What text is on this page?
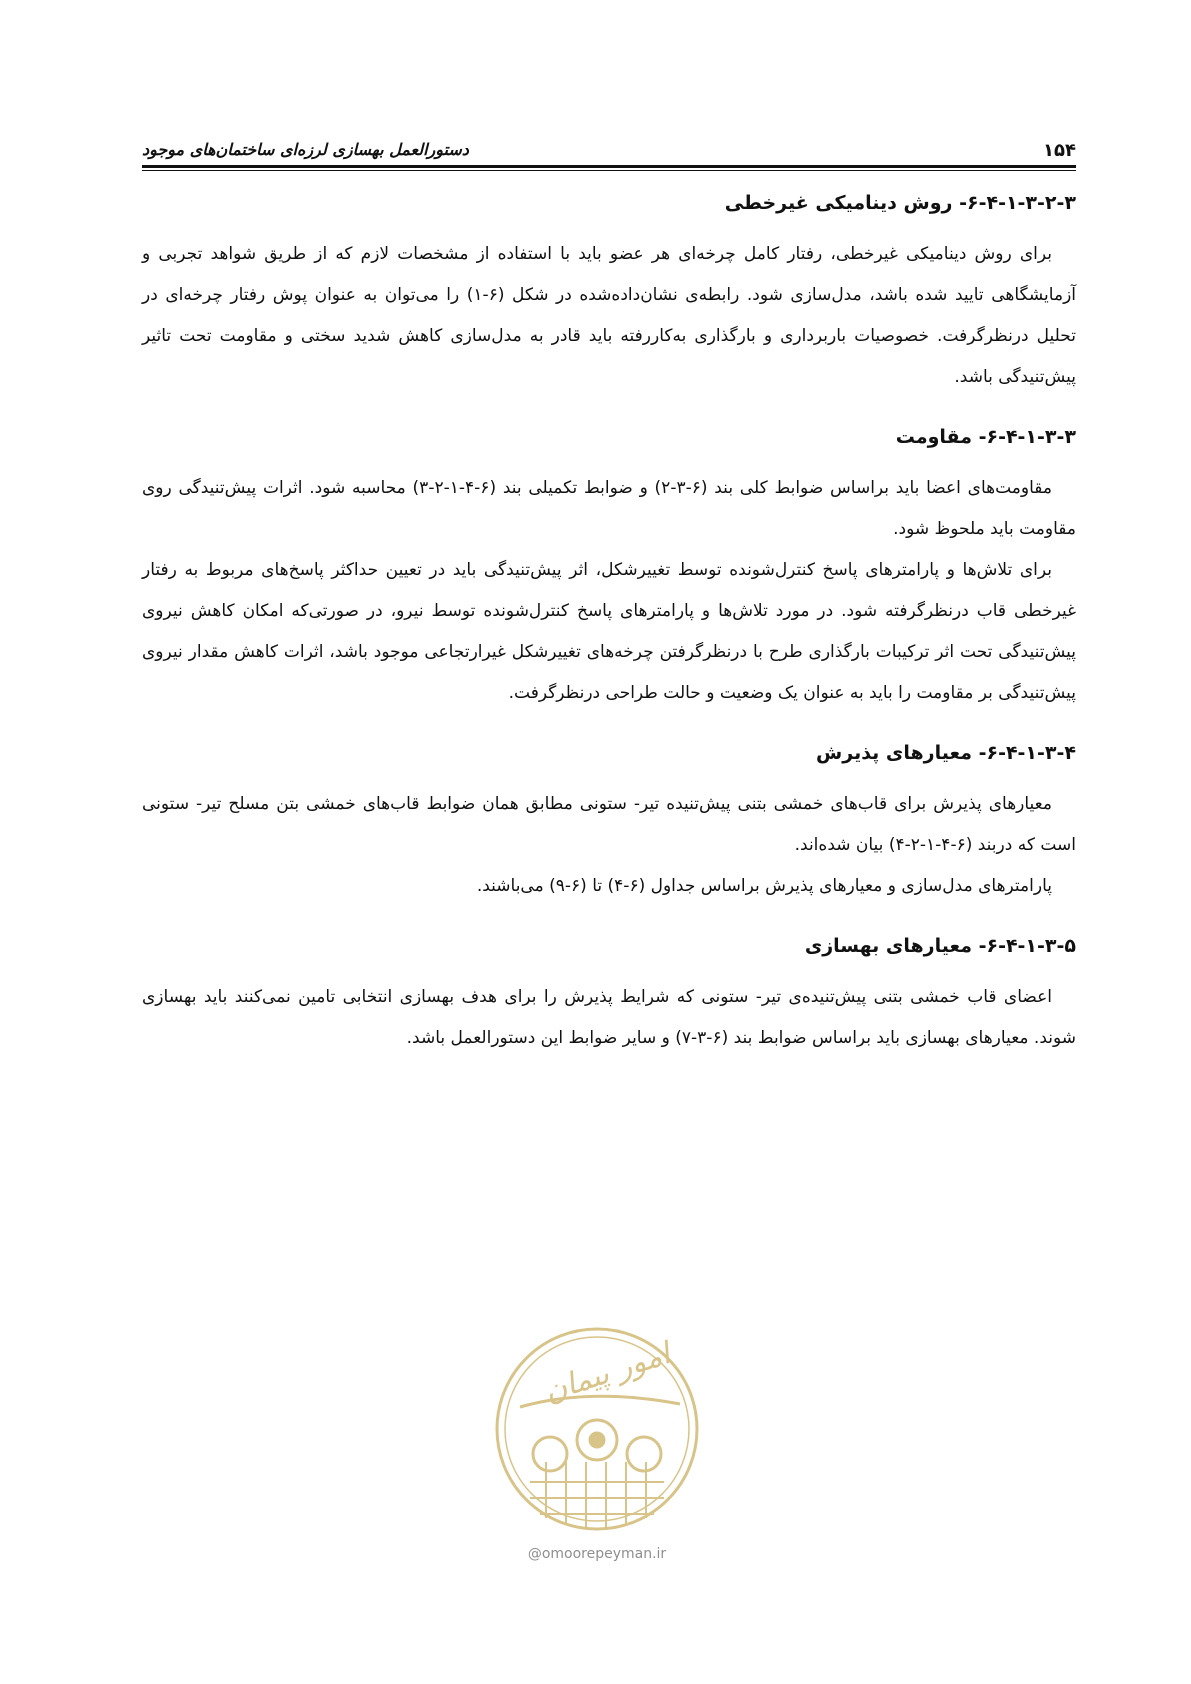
۱۵۴
دستورالعمل بهسازی لرزه‌ای ساختمان‌های موجود
۶-۴-۱-۳-۲-۳- روش دینامیکی غیرخطی

برای روش دینامیکی غیرخطی، رفتار کامل چرخه‌ای هر عضو باید با استفاده از مشخصات لازم که از طریق شواهد تجربی و آزمایشگاهی تایید شده باشد، مدل‌سازی شود. رابطه‌ی نشان‌داده‌شده در شکل (۶-۱) را می‌توان به عنوان پوش رفتار چرخه‌ای در تحلیل درنظرگرفت. خصوصیات باربرداری و بارگذاری به‌کاررفته باید قادر به مدل‌سازی کاهش شدید سختی و مقاومت تحت تاثیر پیش‌تنیدگی باشد.

۶-۴-۱-۳-۳- مقاومت

مقاومت‌های اعضا باید براساس ضوابط کلی بند (۶-۳-۲) و ضوابط تکمیلی بند (۶-۴-۱-۲-۳) محاسبه شود. اثرات پیش‌تنیدگی روی مقاومت باید ملحوظ شود.

برای تلاش‌ها و پارامترهای پاسخ کنترل‌شونده توسط تغییرشکل، اثر پیش‌تنیدگی باید در تعیین حداکثر پاسخ‌های مربوط به رفتار غیرخطی قاب درنظرگرفته شود. در مورد تلاش‌ها و پارامترهای پاسخ کنترل‌شونده توسط نیرو، در صورتی‌که امکان کاهش نیروی پیش‌تنیدگی تحت اثر ترکیبات بارگذاری طرح با درنظرگرفتن چرخه‌های تغییرشکل غیرارتجاعی موجود باشد، اثرات کاهش مقدار نیروی پیش‌تنیدگی بر مقاومت را باید به عنوان یک وضعیت و حالت طراحی درنظرگرفت.

۶-۴-۱-۳-۴- معیارهای پذیرش

معیارهای پذیرش برای قاب‌های خمشی بتنی پیش‌تنیده تیر- ستونی مطابق همان ضوابط قاب‌های خمشی بتن مسلح تیر- ستونی است که دربند (۶-۴-۱-۲-۴) بیان شده‌اند.

پارامترهای مدل‌سازی و معیارهای پذیرش براساس جداول (۶-۴) تا (۶-۹) می‌باشند.

۶-۴-۱-۳-۵- معیارهای بهسازی

اعضای قاب خمشی بتنی پیش‌تنیده‌ی تیر- ستونی که شرایط پذیرش را برای هدف بهسازی انتخابی تامین نمی‌کنند باید بهسازی شوند. معیارهای بهسازی باید براساس ضوابط بند (۶-۳-۷) و سایر ضوابط این دستورالعمل باشد.

امور پیمان
@omoorepeyman.ir
